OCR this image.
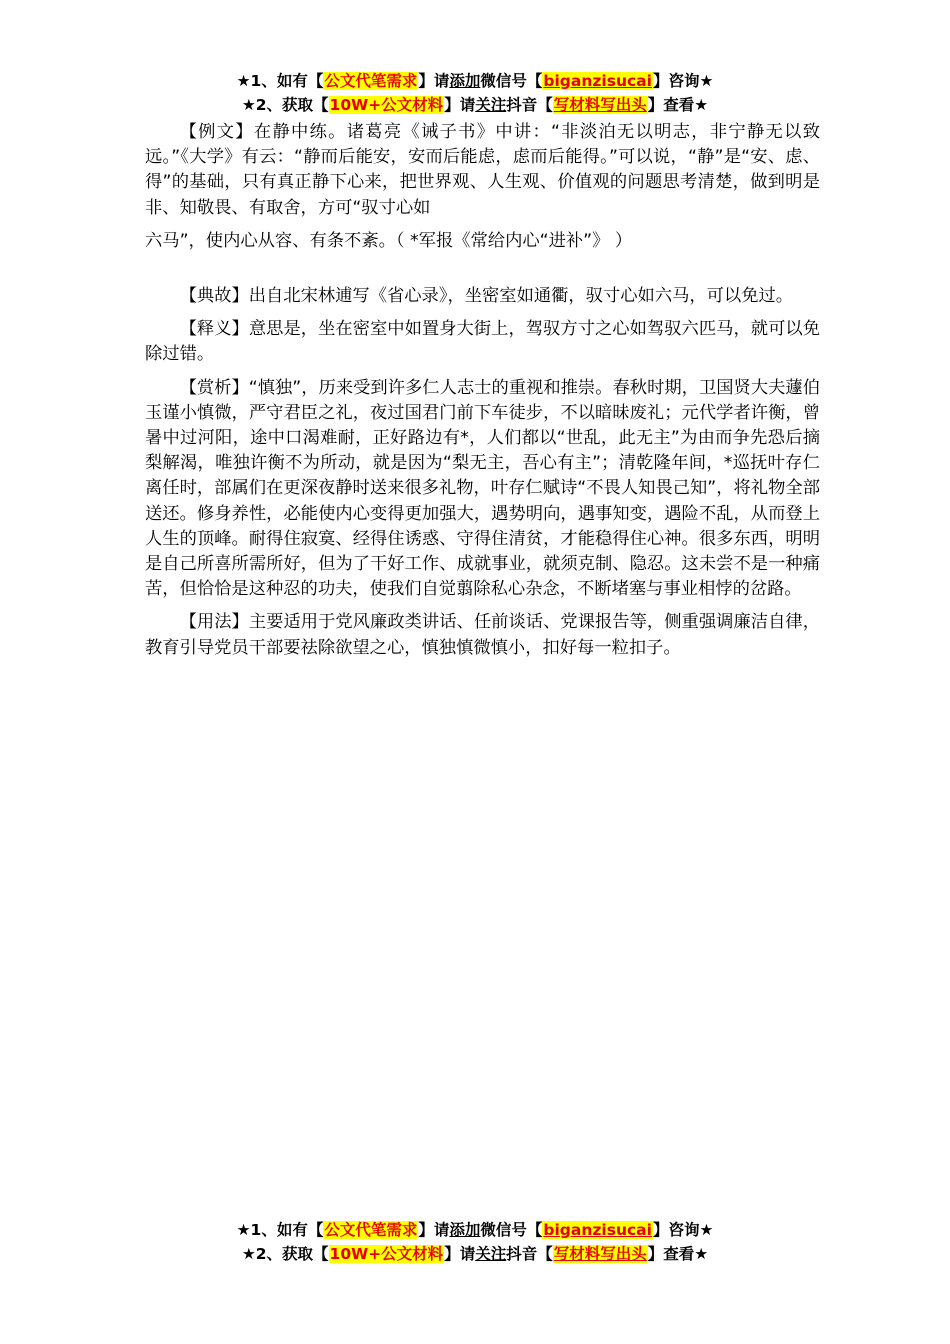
★1、如有【公文代笔需求】请添加微信号【biganzisucai】咨询★
★2、获取【10W+公文材料】请关注抖音【写材料写出头】查看★

【例文】在静中练。诸葛亮《诫子书》中讲：“非淡泊无以明志，非宁静无以致远。”《大学》有云：“静而后能安，安而后能虑，虑而后能得。”可以说，“静”是“安、虑、得”的基础，只有真正静下心来，把世界观、人生观、价值观的问题思考清楚，做到明是非、知敬畏、有取舍，方可“驭寸心如
六马”，使内心从容、有条不紊。（ *军报《常给内心“进补”》 ）

【典故】出自北宋林逋写《省心录》，坐密室如通衢，驭寸心如六马，可以免过。

【释义】意思是，坐在密室中如置身大街上，驾驭方寸之心如驾驭六匹马，就可以免除过错。

【赏析】“慎独”，历来受到许多仁人志士的重视和推崇。春秋时期，卫国贤大夫蘧伯玉谨小慎微，严守君臣之礼，夜过国君门前下车徒步，不以暗昧废礼；元代学者许衡，曾暑中过河阳，途中口渴难耐，正好路边有*，人们都以“世乱，此无主”为由而争先恐后摘梨解渴，唯独许衡不为所动，就是因为“梨无主，吾心有主”；清乾隆年间，*巡抚叶存仁离任时，部属们在更深夜静时送来很多礼物，叶存仁赋诗“不畏人知畏己知”，将礼物全部送还。修身养性，必能使内心变得更加强大，遇势明向，遇事知变，遇险不乱，从而登上人生的顶峰。耐得住寂寞、经得住诱惑、守得住清贫，才能稳得住心神。很多东西，明明是自己所喜所需所好，但为了干好工作、成就事业，就须克制、隐忍。这未尝不是一种痛苦，但恰恰是这种忍的功夫，使我们自觉翦除私心杂念，不断堵塞与事业相悖的岔路。

【用法】主要适用于党风廉政类讲话、任前谈话、党课报告等，侧重强调廉洁自律，教育引导党员干部要祛除欲望之心，慎独慎微慎小，扣好每一粒扣子。

★1、如有【公文代笔需求】请添加微信号【biganzisucai】咨询★
★2、获取【10W+公文材料】请关注抖音【写材料写出头】查看★
